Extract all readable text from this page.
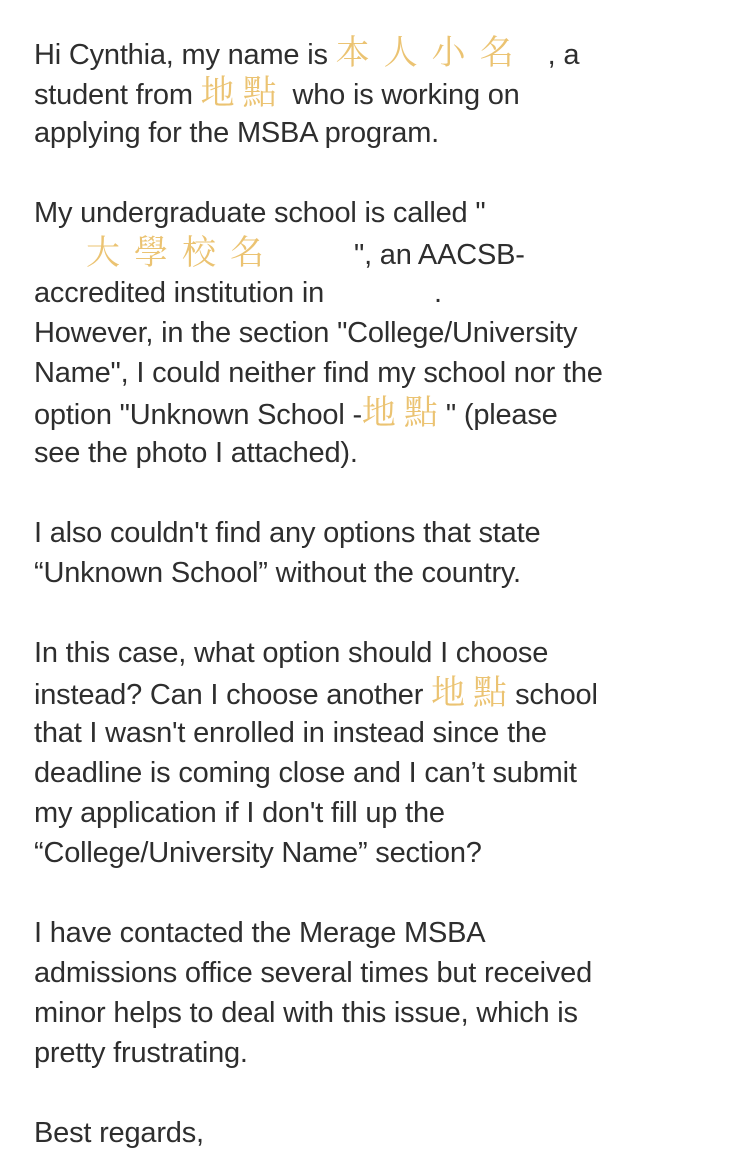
Hi Cynthia, my name is 本人小名 , a
student from 地點 who is working on
applying for the MSBA program.
My undergraduate school is called "
大學校名	", an AACSB-
accredited institution in	.
However, in the section "College/University
Name", I could neither find my school nor the
option "Unknown School -地點" (please
see the photo I attached).
I also couldn't find any options that state
“Unknown School” without the country.
In this case, what option should I choose
instead? Can I choose another 地點school
that I wasn't enrolled in instead since the
deadline is coming close and I can’t submit
my application if I don't fill up the
“College/University Name” section?
I have contacted the Merage MSBA
admissions office several times but received
minor helps to deal with this issue, which is
pretty frustrating.
Best regards,
